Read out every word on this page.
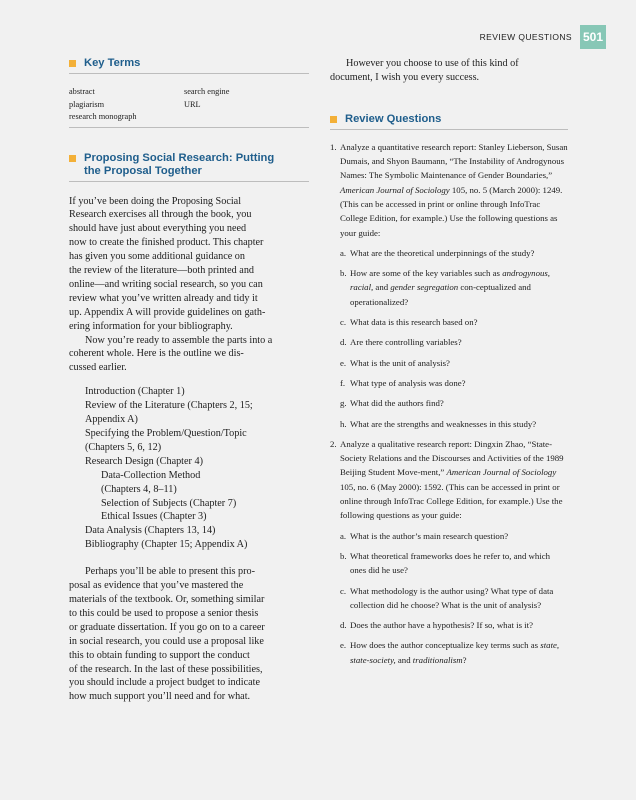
REVIEW QUESTIONS 501
Key Terms
abstract	search engine
plagiarism	URL
research monograph
Proposing Social Research: Putting
the Proposal Together
If you’ve been doing the Proposing Social
Research exercises all through the book, you
should have just about everything you need
now to create the finished product. This chapter
has given you some additional guidance on
the review of the literature—both printed and
online—and writing social research, so you can
review what you’ve written already and tidy it
up. Appendix A will provide guidelines on gath-
ering information for your bibliography.
Now you’re ready to assemble the parts into a
coherent whole. Here is the outline we dis-
cussed earlier.
Introduction (Chapter 1)
Review of the Literature (Chapters 2, 15;
Appendix A)
Specifying the Problem/Question/Topic
(Chapters 5, 6, 12)
Research Design (Chapter 4)
Data-Collection Method
(Chapters 4, 8–11)
Selection of Subjects (Chapter 7)
Ethical Issues (Chapter 3)
Data Analysis (Chapters 13, 14)
Bibliography (Chapter 15; Appendix A)
Perhaps you’ll be able to present this pro-
posal as evidence that you’ve mastered the
materials of the textbook. Or, something similar
to this could be used to propose a senior thesis
or graduate dissertation. If you go on to a career
in social research, you could use a proposal like
this to obtain funding to support the conduct
of the research. In the last of these possibilities,
you should include a project budget to indicate
how much support you’ll need and for what.
However you choose to use of this kind of
document, I wish you every success.
Review Questions
1. Analyze a quantitative research report: Stanley Lieberson, Susan Dumais, and Shyon Baumann, “The Instability of Androgynous Names: The Symbolic Maintenance of Gender Boundaries,” American Journal of Sociology 105, no. 5 (March 2000): 1249. (This can be accessed in print or online through InfoTrac College Edition, for example.) Use the following questions as your guide:
a. What are the theoretical underpinnings of the study?
b. How are some of the key variables such as androgynous, racial, and gender segregation con-ceptualized and operationalized?
c. What data is this research based on?
d. Are there controlling variables?
e. What is the unit of analysis?
f. What type of analysis was done?
g. What did the authors find?
h. What are the strengths and weaknesses in this study?
2. Analyze a qualitative research report: Dingxin Zhao, “State-Society Relations and the Discourses and Activities of the 1989 Beijing Student Move-ment,” American Journal of Sociology 105, no. 6 (May 2000): 1592. (This can be accessed in print or online through InfoTrac College Edition, for example.) Use the following questions as your guide:
a. What is the author’s main research question?
b. What theoretical frameworks does he refer to, and which ones did he use?
c. What methodology is the author using? What type of data collection did he choose? What is the unit of analysis?
d. Does the author have a hypothesis? If so, what is it?
e. How does the author conceptualize key terms such as state, state-society, and traditionalism?
